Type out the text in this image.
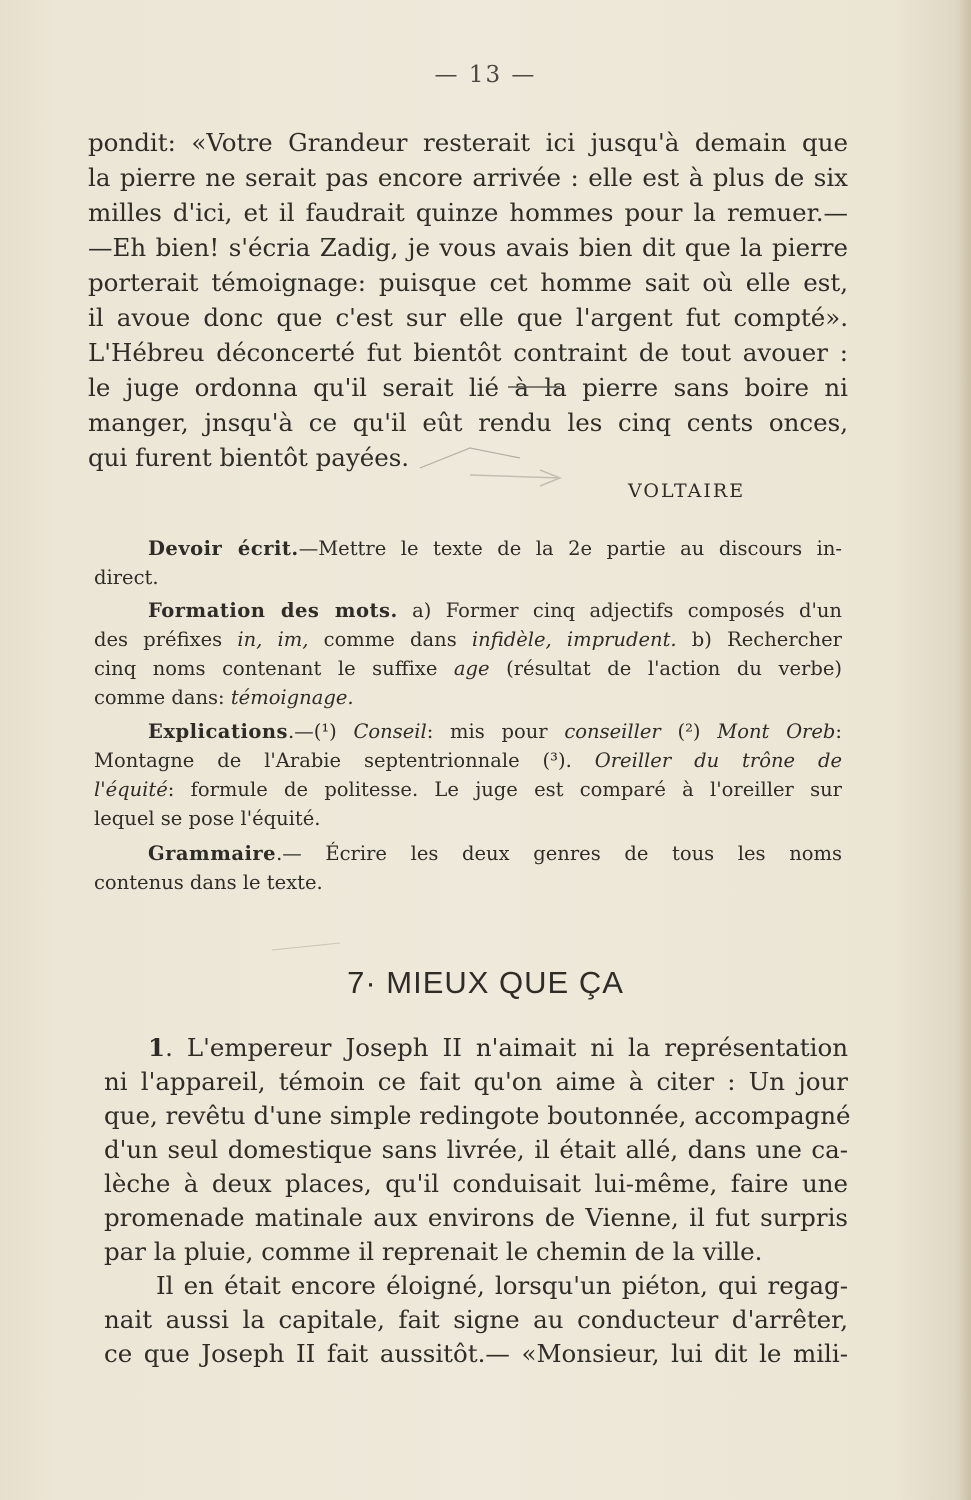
— 13 —
pondit: «Votre Grandeur resterait ici jusqu'à demain que
la pierre ne serait pas encore arrivée : elle est à plus de six
milles d'ici, et il faudrait quinze hommes pour la remuer.—
—Eh bien! s'écria Zadig, je vous avais bien dit que la pierre
porterait témoignage: puisque cet homme sait où elle est,
il avoue donc que c'est sur elle que l'argent fut compté».
L'Hébreu déconcerté fut bientôt contraint de tout avouer :
le juge ordonna qu'il serait lié à la pierre sans boire ni
manger, jnsqu'à ce qu'il eût rendu les cinq cents onces,
qui furent bientôt payées.
VOLTAIRE
Devoir écrit.—Mettre le texte de la 2e partie au discours in-
direct.
Formation des mots. a) Former cinq adjectifs composés d'un
des préfixes in, im, comme dans infidèle, imprudent. b) Rechercher
cinq noms contenant le suffixe age (résultat de l'action du verbe)
comme dans: témoignage.
Explications.—(¹) Conseil: mis pour conseiller (²) Mont Oreb:
Montagne de l'Arabie septentrionnale (³). Oreiller du trône de
l'équité: formule de politesse. Le juge est comparé à l'oreiller sur
lequel se pose l'équité.
Grammaire.— Écrire les deux genres de tous les noms
contenus dans le texte.
7· MIEUX QUE ÇA
1. L'empereur Joseph II n'aimait ni la représentation
ni l'appareil, témoin ce fait qu'on aime à citer : Un jour
que, revêtu d'une simple redingote boutonnée, accompagné
d'un seul domestique sans livrée, il était allé, dans une ca-
lèche à deux places, qu'il conduisait lui-même, faire une
promenade matinale aux environs de Vienne, il fut surpris
par la pluie, comme il reprenait le chemin de la ville.
Il en était encore éloigné, lorsqu'un piéton, qui regag-
nait aussi la capitale, fait signe au conducteur d'arrêter,
ce que Joseph II fait aussitôt.— «Monsieur, lui dit le mili-
